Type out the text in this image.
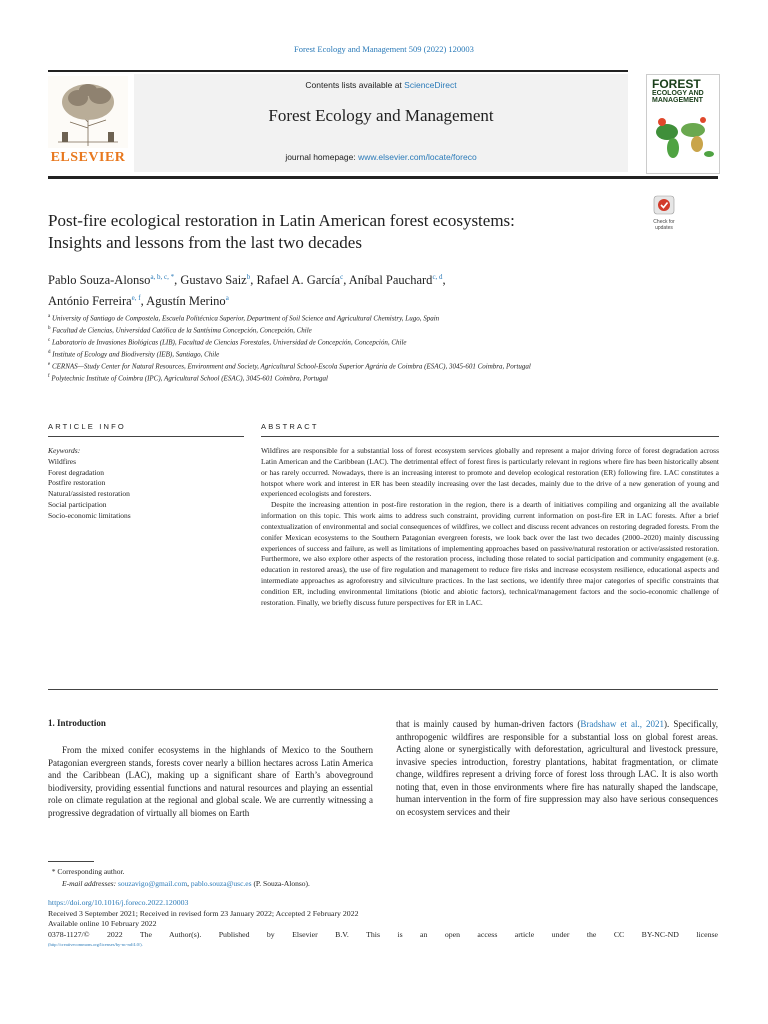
Forest Ecology and Management 509 (2022) 120003
ELSEVIER
Contents lists available at ScienceDirect
Forest Ecology and Management
journal homepage: www.elsevier.com/locate/foreco
FOREST
ECOLOGY AND
MANAGEMENT
Check for updates
Post-fire ecological restoration in Latin American forest ecosystems:
Insights and lessons from the last two decades
Pablo Souza-Alonso$^{a, b, c, *}$, Gustavo Saiz$^b$, Rafael A. García$^c$, Aníbal Pauchard$^{c, d}$,
António Ferreira$^{e, f}$, Agustín Merino$^a$
$^a$ University of Santiago de Compostela, Escuela Politécnica Superior, Department of Soil Science and Agricultural Chemistry, Lugo, Spain
$^b$ Facultad de Ciencias, Universidad Católica de la Santísima Concepción, Concepción, Chile
$^c$ Laboratorio de Invasiones Biológicas (LIB), Facultad de Ciencias Forestales, Universidad de Concepción, Concepción, Chile
$^d$ Institute of Ecology and Biodiversity (IEB), Santiago, Chile
$^e$ CERNAS—Study Center for Natural Resources, Environment and Society, Agricultural School-Escola Superior Agrária de Coimbra (ESAC), 3045-601 Coimbra, Portugal
$^f$ Polytechnic Institute of Coimbra (IPC), Agricultural School (ESAC), 3045-601 Coimbra, Portugal
ARTICLE INFO	ABSTRACT
Keywords:
Wildfires
Forest degradation
Postfire restoration
Natural/assisted restoration
Social participation
Socio-economic limitations

Wildfires are responsible for a substantial loss of forest ecosystem services globally and represent a major driving force of forest degradation across Latin American and the Caribbean (LAC). The detrimental effect of forest fires is particularly relevant in regions where fire has been historically absent or has rarely occurred. Nowadays, there is an increasing interest to promote and develop ecological restoration (ER) following fire. LAC constitutes a hotspot where work and interest in ER has been steadily increasing over the last decades, mainly due to the drive of a new generation of young and experienced ecologists and foresters.

Despite the increasing attention in post-fire restoration in the region, there is a dearth of initiatives compiling and organizing all the available information on this topic. This work aims to address such constraint, providing current information on post-fire ER in LAC forests. After a brief contextualization of environmental and social consequences of wildfires, we collect and discuss recent advances on restoring degraded forests. From the conifer Mexican ecosystems to the Southern Patagonian evergreen forests, we look back over the last two decades (2000–2020) mainly discussing experiences of success and failure, as well as limitations of implementing approaches based on passive/natural restoration or active/assisted restoration. Furthermore, we also explore other aspects of the restoration process, including those related to social participation and community engagement (e.g. education in restored areas), the use of fire regulation and management to reduce fire risks and increase ecosystem resilience, educational aspects and intermediate approaches as agroforestry and silviculture practices. In the last sections, we identify three major categories of specific constraints that condition ER, including environmental limitations (biotic and abiotic factors), technical/management factors and the socio-economic challenge of restoration. Finally, we briefly discuss future perspectives for ER in LAC.

1. Introduction

From the mixed conifer ecosystems in the highlands of Mexico to the Southern Patagonian evergreen stands, forests cover nearly a billion hectares across Latin America and the Caribbean (LAC), making up a significant share of Earth’s aboveground biodiversity, providing essential functions and natural resources and playing an essential role on climate regulation at the regional and global scale. We are currently witnessing a progressive degradation of virtually all biomes on Earth

that is mainly caused by human-driven factors (Bradshaw et al., 2021). Specifically, anthropogenic wildfires are responsible for a substantial loss on global forest areas. Acting alone or synergistically with deforestation, agricultural and livestock pressure, invasive species introduction, forestry plantations, habitat fragmentation, or climate change, wildfires represent a driving force of forest loss through LAC. It is also worth noting that, even in those environments where fire has naturally shaped the landscape, human intervention in the form of fire suppression may also have serious consequences on ecosystem services and their

* Corresponding author.
E-mail addresses: souzavigo@gmail.com, pablo.souza@usc.es (P. Souza-Alonso).
https://doi.org/10.1016/j.foreco.2022.120003
Received 3 September 2021; Received in revised form 23 January 2022; Accepted 2 February 2022
Available online 10 February 2022
0378-1127/© 2022 The Author(s). Published by Elsevier B.V. This is an open access article under the CC BY-NC-ND license
(http://creativecommons.org/licenses/by-nc-nd/4.0/).
